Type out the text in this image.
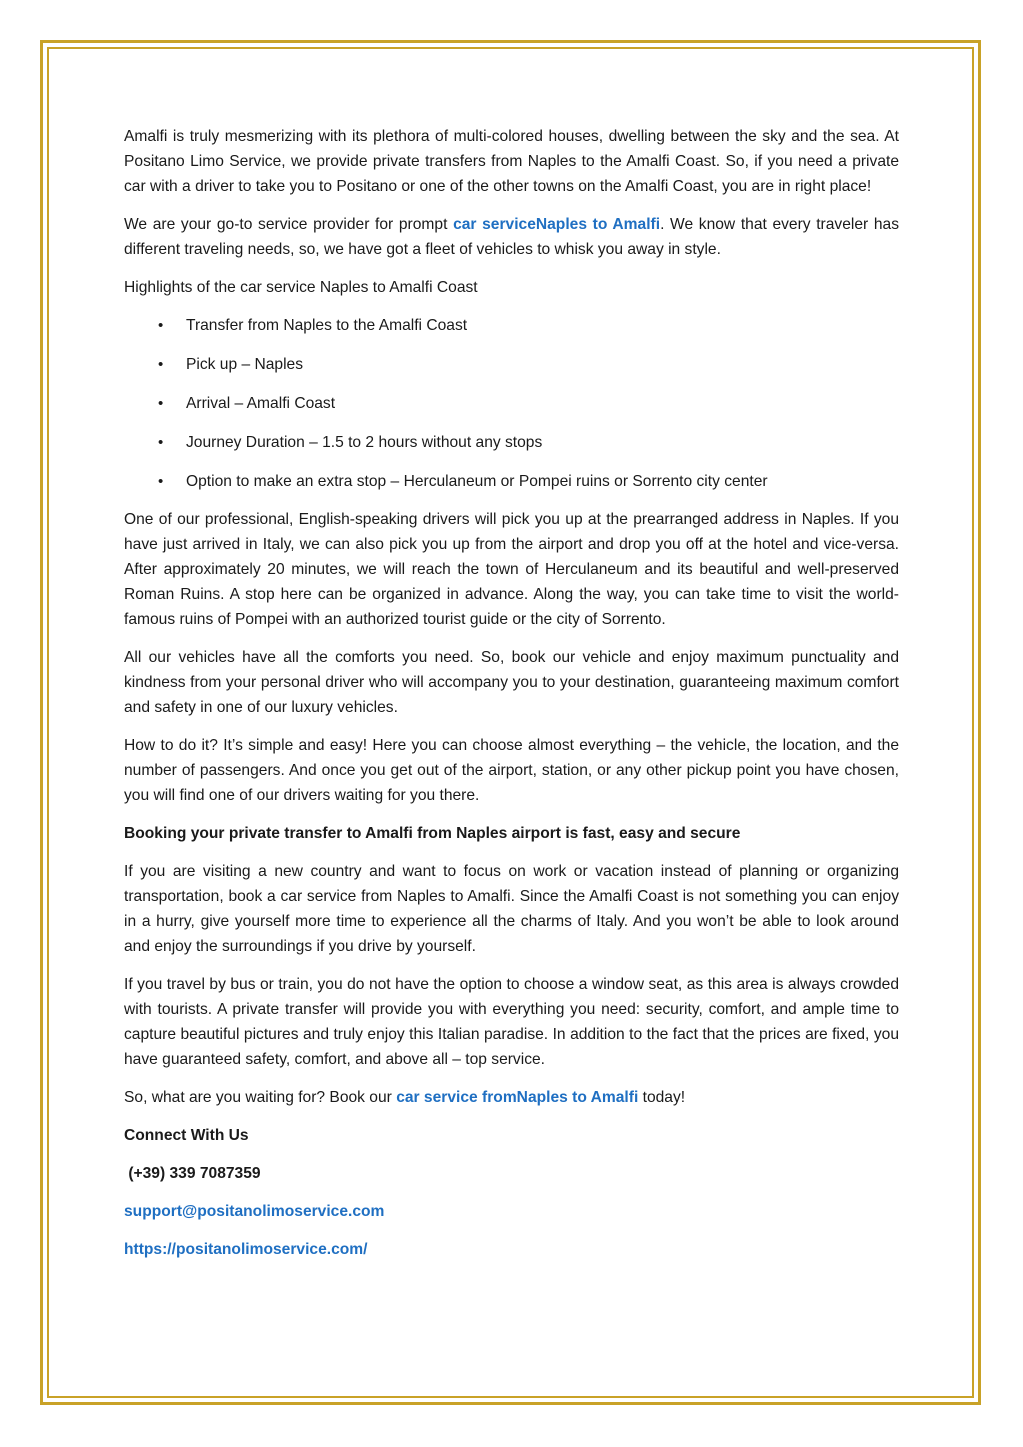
Amalfi is truly mesmerizing with its plethora of multi-colored houses, dwelling between the sky and the sea. At Positano Limo Service, we provide private transfers from Naples to the Amalfi Coast. So, if you need a private car with a driver to take you to Positano or one of the other towns on the Amalfi Coast, you are in right place!

We are your go-to service provider for prompt car serviceNaples to Amalfi. We know that every traveler has different traveling needs, so, we have got a fleet of vehicles to whisk you away in style.

Highlights of the car service Naples to Amalfi Coast

• Transfer from Naples to the Amalfi Coast
• Pick up – Naples
• Arrival – Amalfi Coast
• Journey Duration – 1.5 to 2 hours without any stops
• Option to make an extra stop – Herculaneum or Pompei ruins or Sorrento city center

One of our professional, English-speaking drivers will pick you up at the prearranged address in Naples. If you have just arrived in Italy, we can also pick you up from the airport and drop you off at the hotel and vice-versa. After approximately 20 minutes, we will reach the town of Herculaneum and its beautiful and well-preserved Roman Ruins. A stop here can be organized in advance. Along the way, you can take time to visit the world-famous ruins of Pompei with an authorized tourist guide or the city of Sorrento.

All our vehicles have all the comforts you need. So, book our vehicle and enjoy maximum punctuality and kindness from your personal driver who will accompany you to your destination, guaranteeing maximum comfort and safety in one of our luxury vehicles.

How to do it? It’s simple and easy! Here you can choose almost everything – the vehicle, the location, and the number of passengers. And once you get out of the airport, station, or any other pickup point you have chosen, you will find one of our drivers waiting for you there.

Booking your private transfer to Amalfi from Naples airport is fast, easy and secure

If you are visiting a new country and want to focus on work or vacation instead of planning or organizing transportation, book a car service from Naples to Amalfi. Since the Amalfi Coast is not something you can enjoy in a hurry, give yourself more time to experience all the charms of Italy. And you won’t be able to look around and enjoy the surroundings if you drive by yourself.

If you travel by bus or train, you do not have the option to choose a window seat, as this area is always crowded with tourists. A private transfer will provide you with everything you need: security, comfort, and ample time to capture beautiful pictures and truly enjoy this Italian paradise. In addition to the fact that the prices are fixed, you have guaranteed safety, comfort, and above all – top service.

So, what are you waiting for? Book our car service fromNaples to Amalfi today!

Connect With Us

(+39) 339 7087359

support@positanolimoservice.com

https://positanolimoservice.com/
